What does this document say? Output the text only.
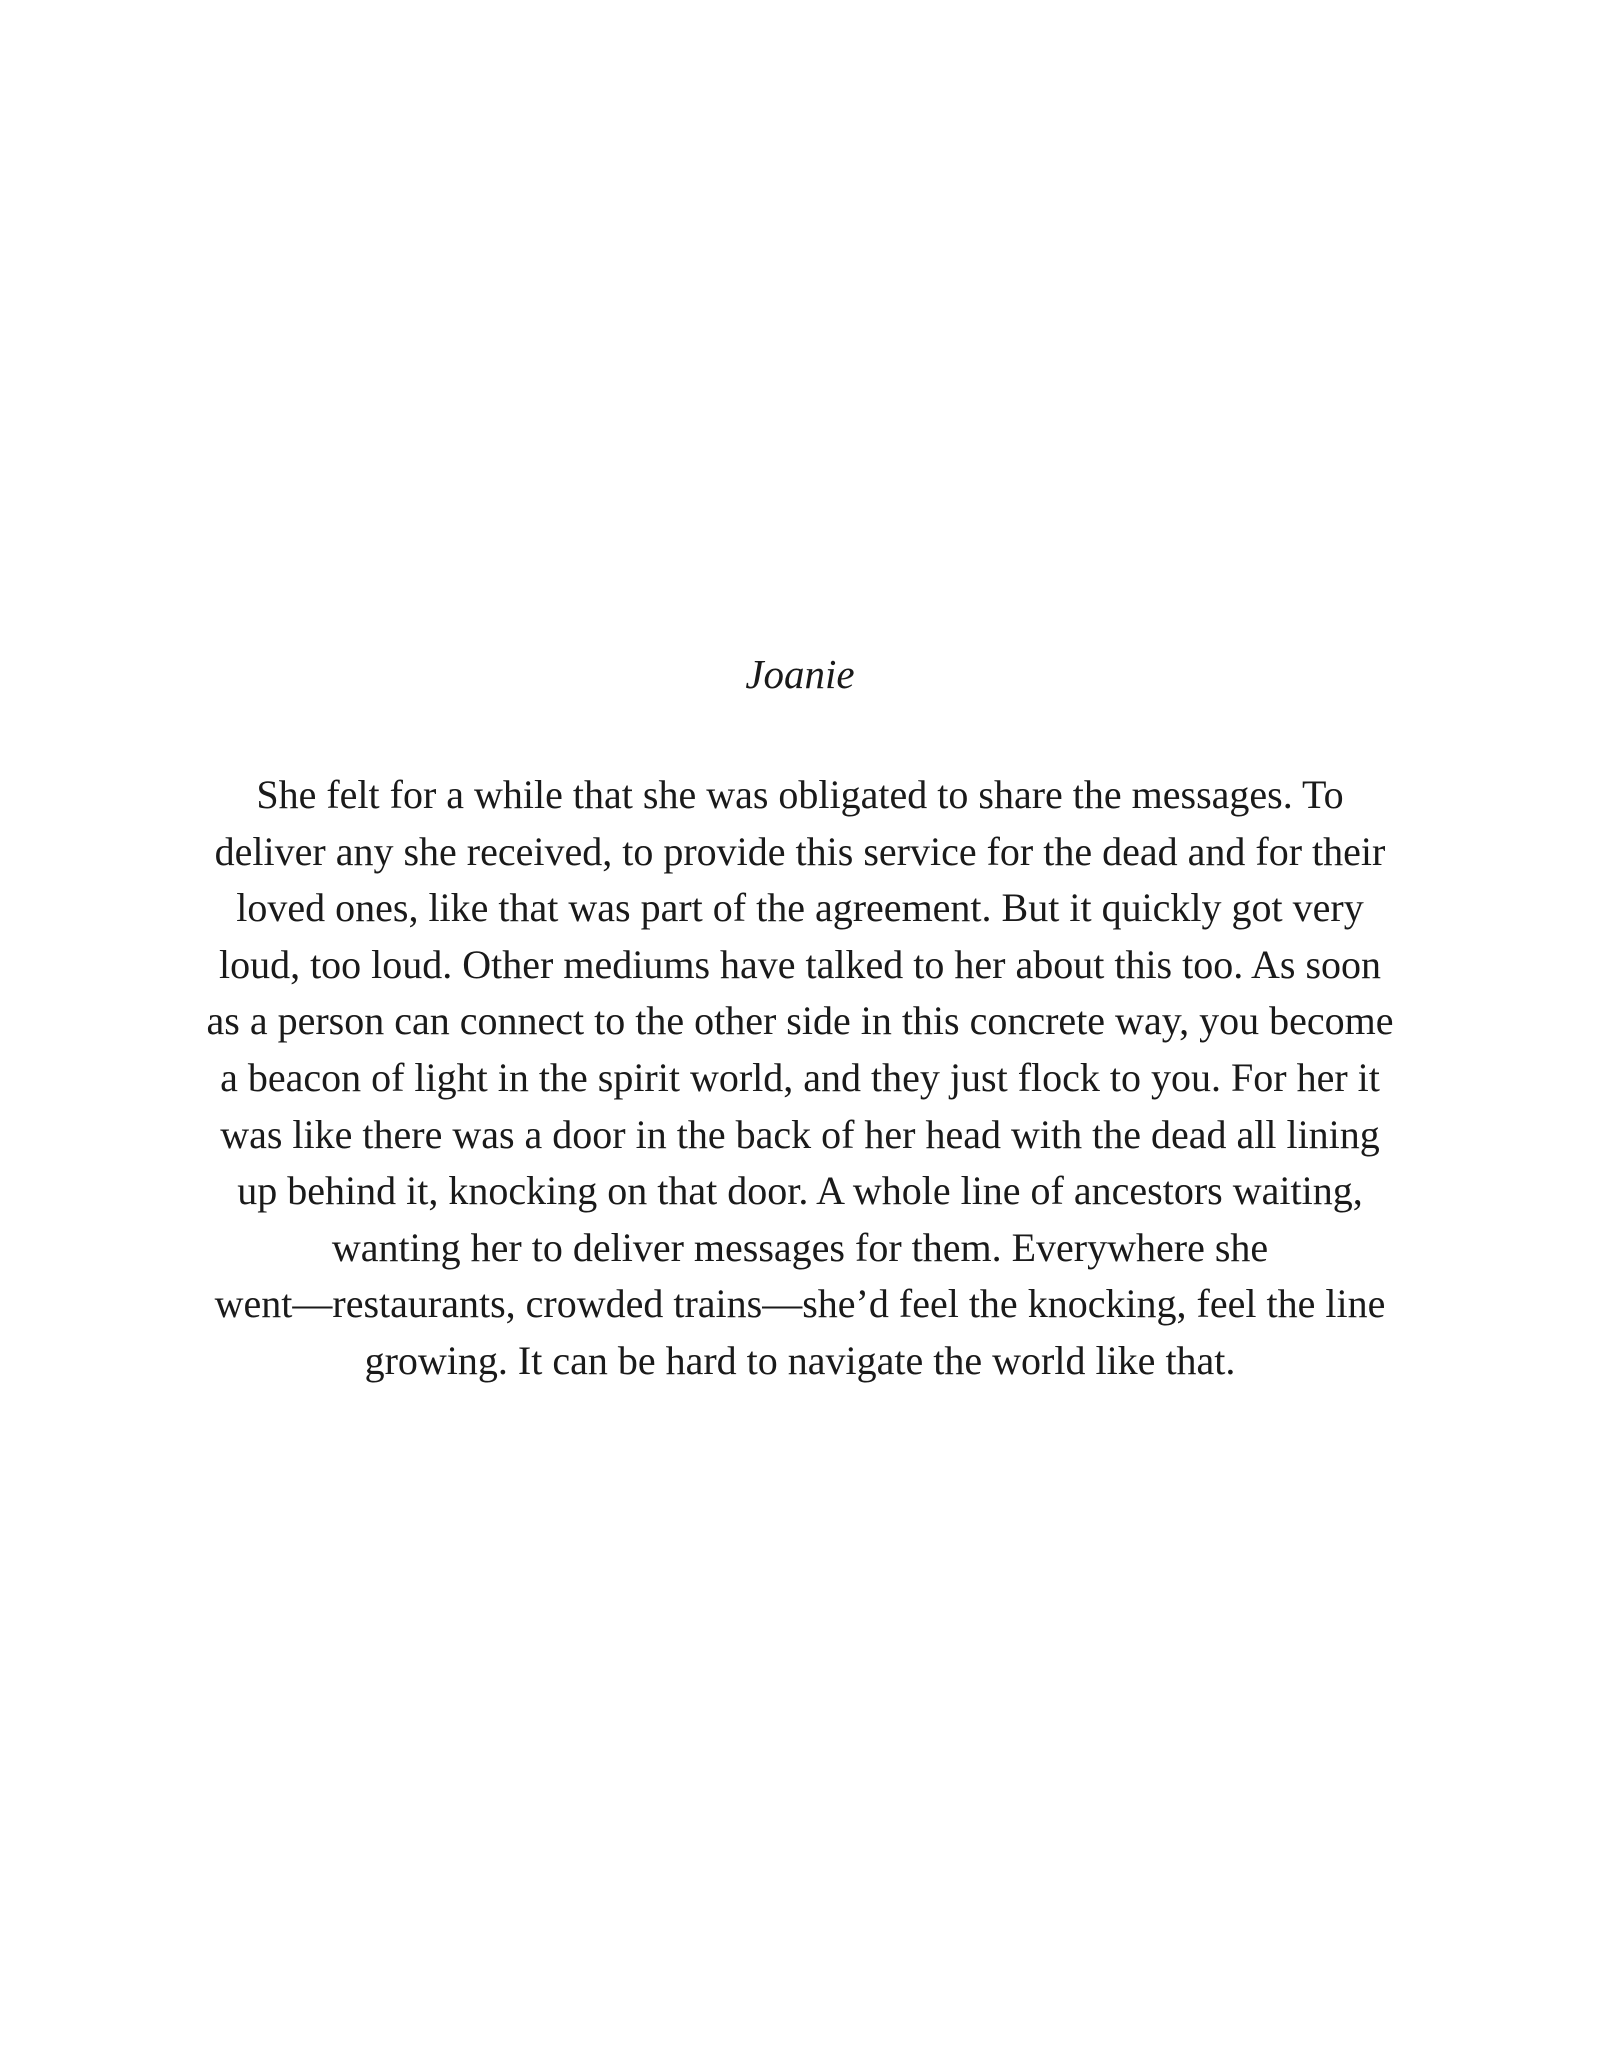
Joanie

She felt for a while that she was obligated to share the messages. To
deliver any she received, to provide this service for the dead and for their
loved ones, like that was part of the agreement. But it quickly got very
loud, too loud. Other mediums have talked to her about this too. As soon
as a person can connect to the other side in this concrete way, you become
a beacon of light in the spirit world, and they just flock to you. For her it
was like there was a door in the back of her head with the dead all lining
up behind it, knocking on that door. A whole line of ancestors waiting,
wanting her to deliver messages for them. Everywhere she
went—restaurants, crowded trains—she’d feel the knocking, feel the line
growing. It can be hard to navigate the world like that.
